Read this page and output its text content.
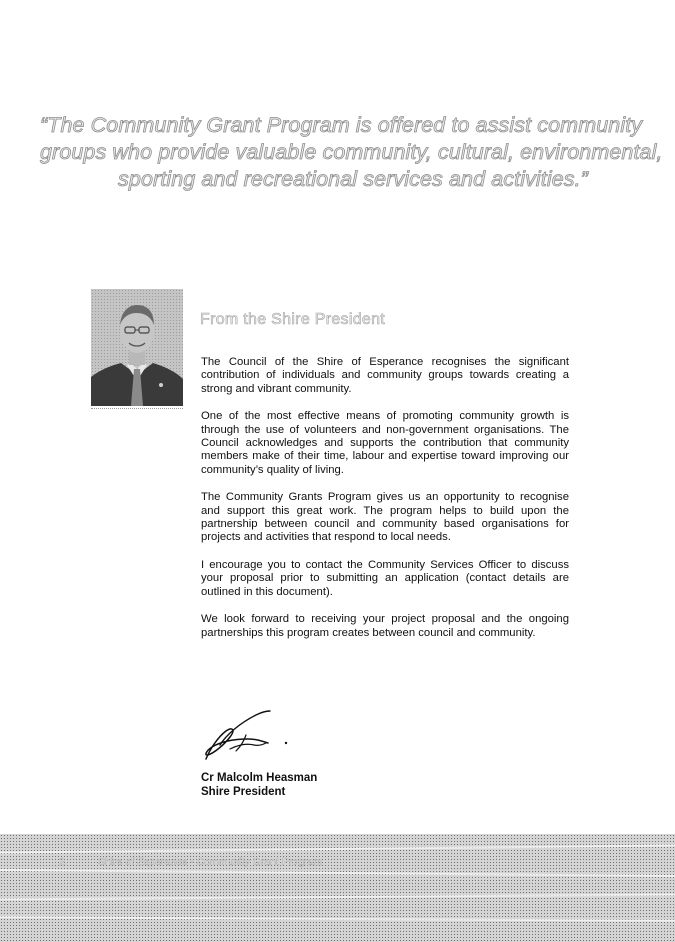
“The Community Grant Program is offered to assist community
groups who provide valuable community, cultural, environmental,
sporting and recreational services and activities.”
From the Shire President

The Council of the Shire of Esperance recognises the significant contribution of individuals and community groups towards creating a strong and vibrant community.

One of the most effective means of promoting community growth is through the use of volunteers and non-government organisations. The Council acknowledges and supports the contribution that community members make of their time, labour and expertise toward improving our community’s quality of living.

The Community Grants Program gives us an opportunity to recognise and support this great work. The program helps to build upon the partnership between council and community based organisations for projects and activities that respond to local needs.

I encourage you to contact the Community Services Officer to discuss your proposal prior to submitting an application (contact details are outlined in this document).

We look forward to receiving your project proposal and the ongoing partnerships this program creates between council and community.

Cr Malcolm Heasman
Shire President
2	Shire of Esperance - Community Grant Program
